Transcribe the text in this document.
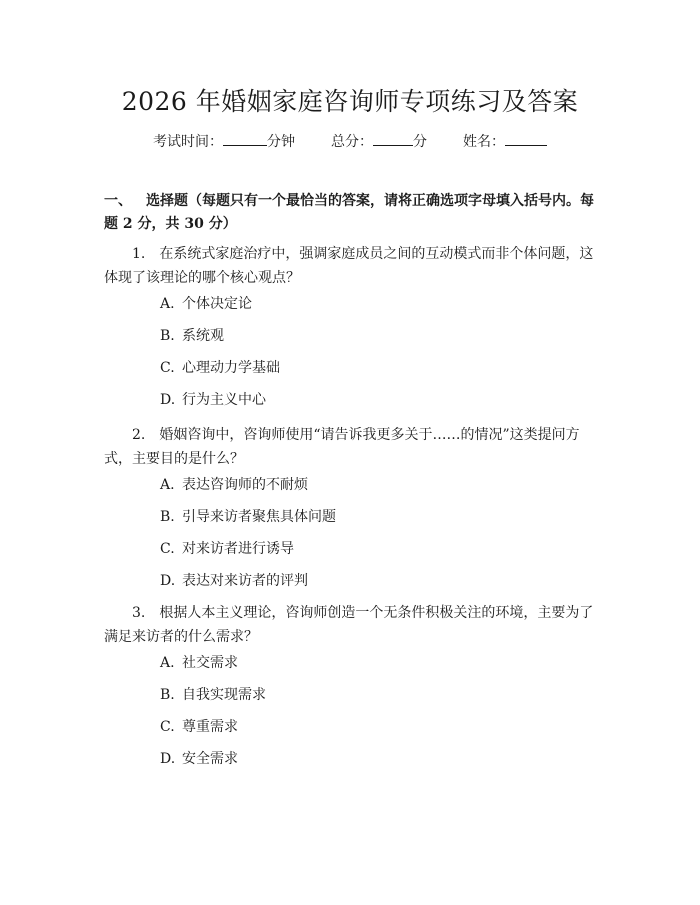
2026 年婚姻家庭咨询师专项练习及答案
考试时间：	分钟	总分：	分	姓名：
一、 选择题（每题只有一个最恰当的答案，请将正确选项字母填入括号内。每题 2 分，共 30 分）
1. 在系统式家庭治疗中，强调家庭成员之间的互动模式而非个体问题，这体现了该理论的哪个核心观点？
A. 个体决定论
B. 系统观
C. 心理动力学基础
D. 行为主义中心
2. 婚姻咨询中，咨询师使用“请告诉我更多关于……的情况”这类提问方式，主要目的是什么？
A. 表达咨询师的不耐烦
B. 引导来访者聚焦具体问题
C. 对来访者进行诱导
D. 表达对来访者的评判
3. 根据人本主义理论，咨询师创造一个无条件积极关注的环境，主要为了满足来访者的什么需求？
A. 社交需求
B. 自我实现需求
C. 尊重需求
D. 安全需求
